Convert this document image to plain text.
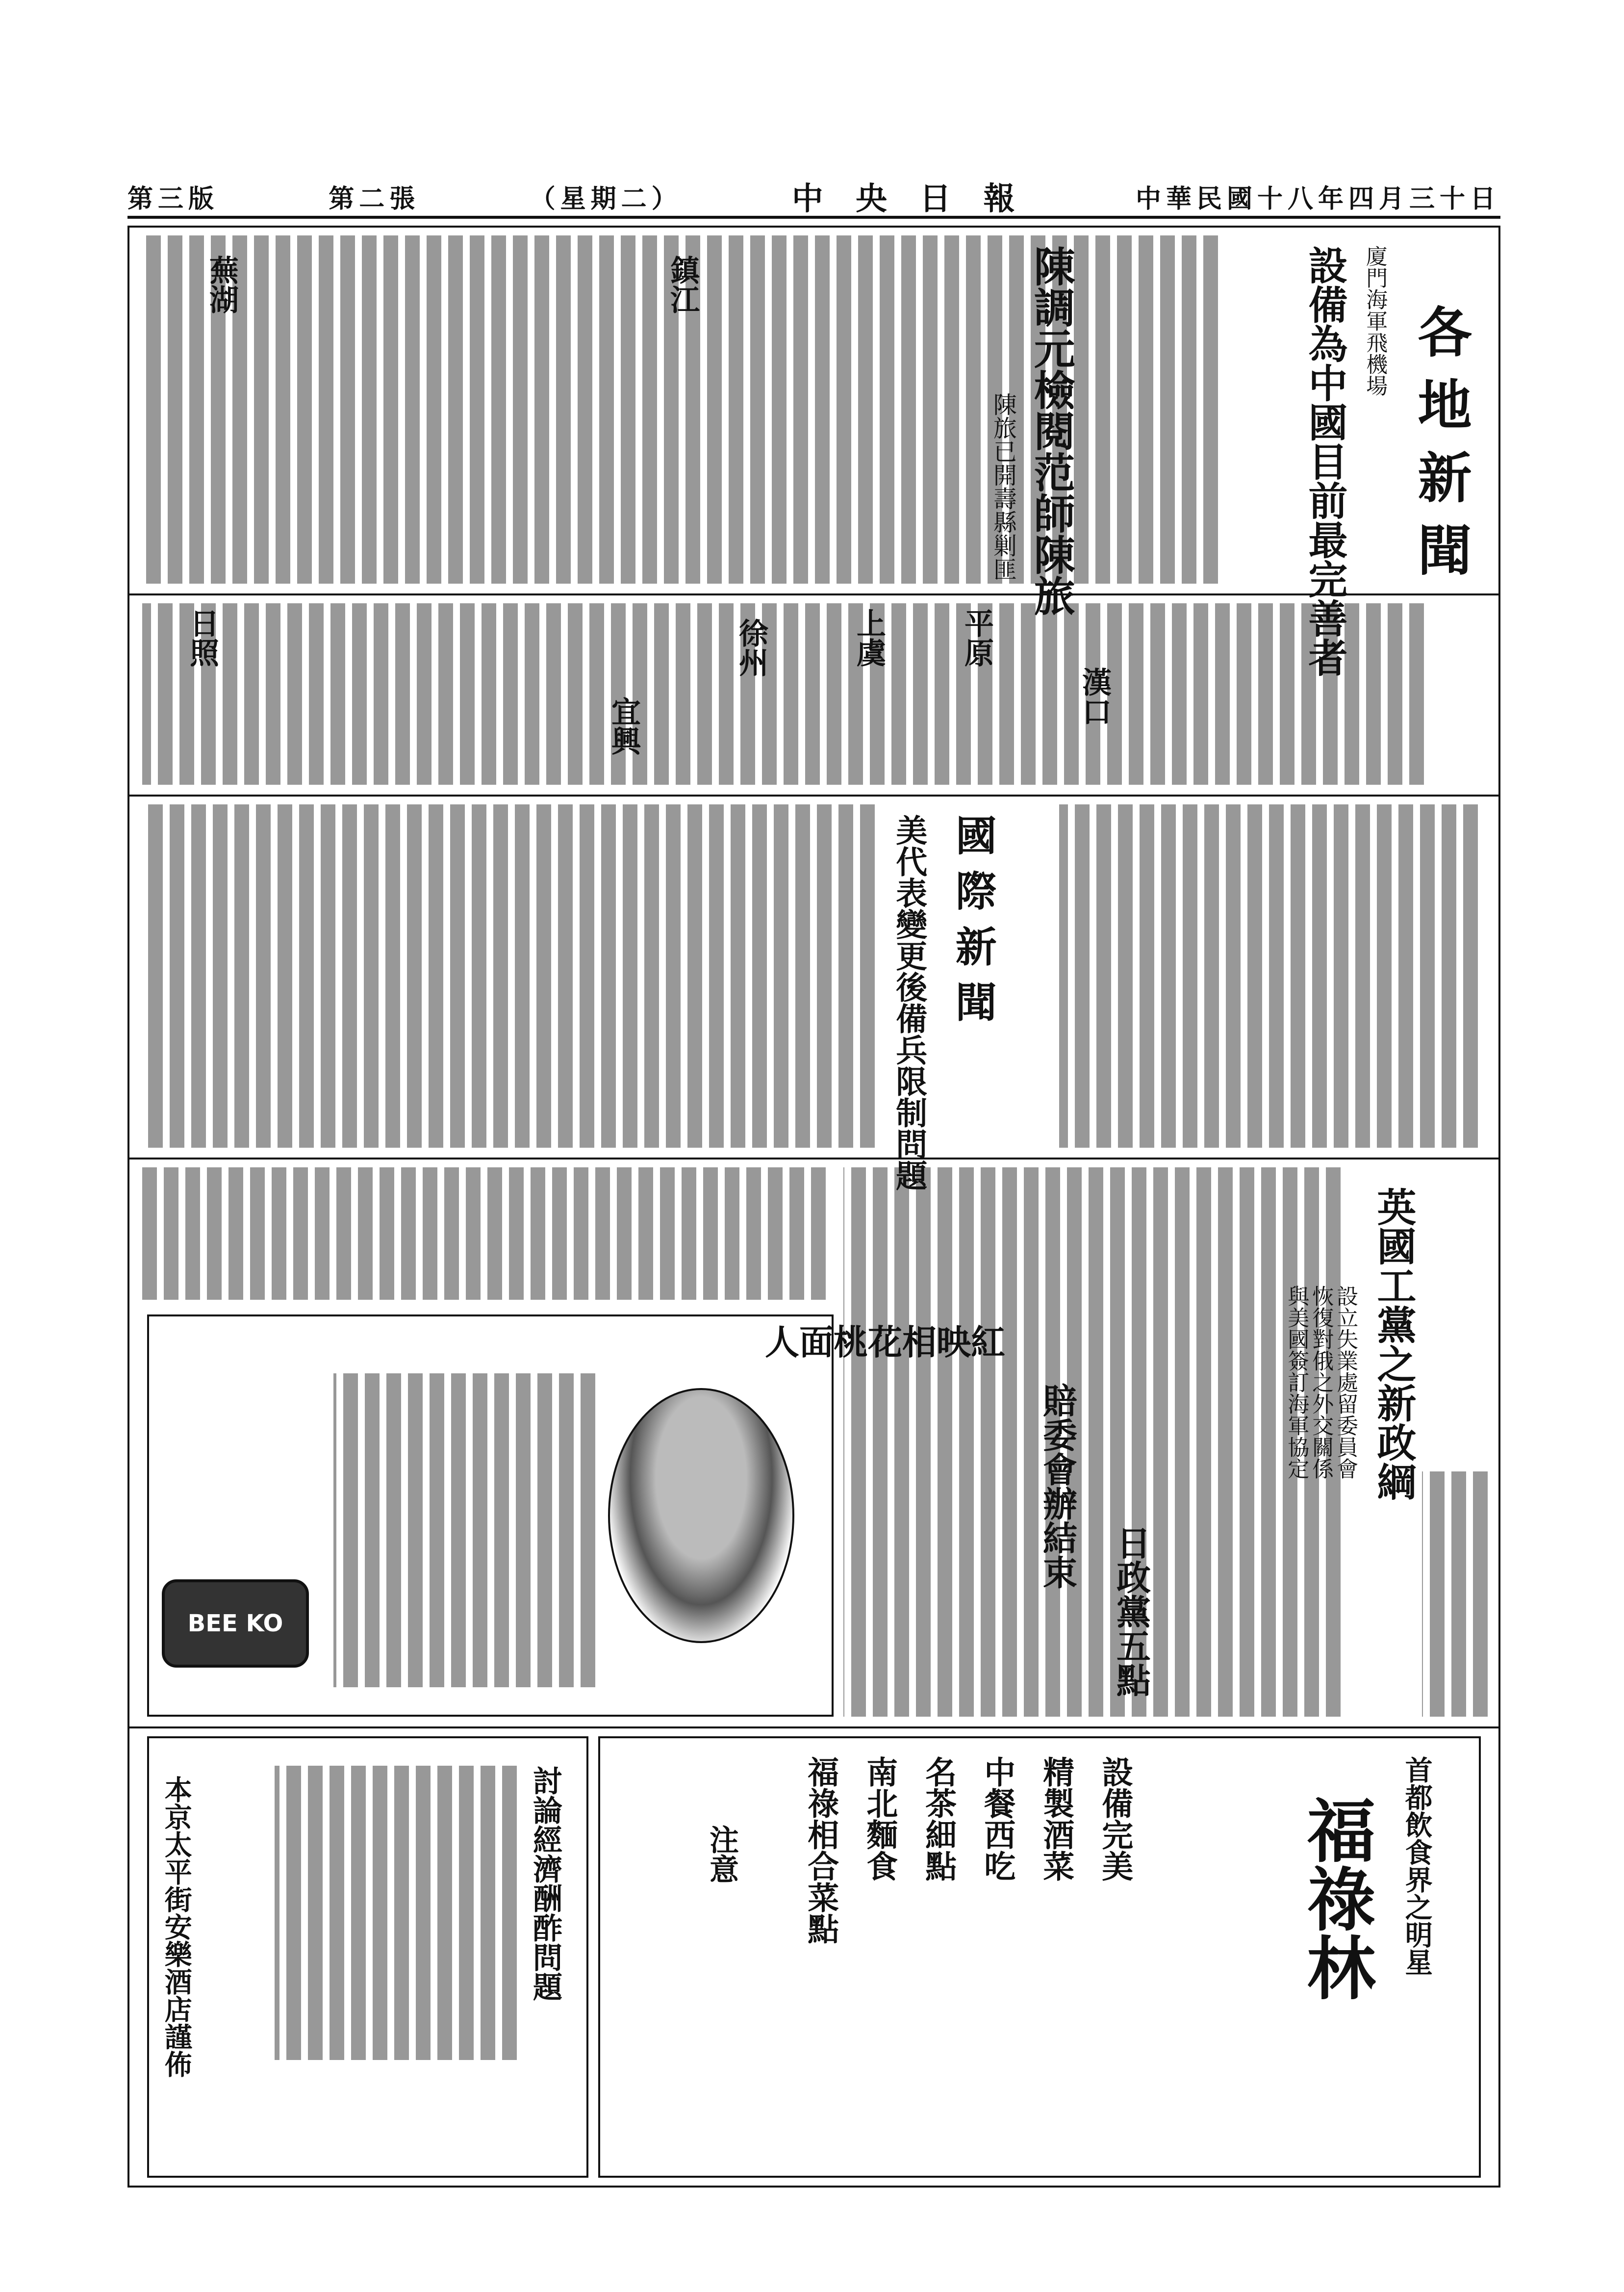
第三版	第二張	（星期二）	中 央 日 報	中華民國十八年四月三十日
各 地 新 聞
廈門海軍飛機場
設備為中國目前最完善者
陳調元檢閱范師陳旅
陳旅已開壽縣剿匪
國 際 新 聞
美代表變更後備兵限制問題
英國工黨之新政綱
設立失業處留委員會
恢復對俄之外交關係
與美國簽訂海軍協定
賠委會辦結束
日政黨五點
漢口
徐州	平原
上虞
宜興
日照
鎮江
蕪湖
人面桃花相映紅
BEE KO
首都飲食界之明星
福祿林
設備完美
精製酒菜
中餐西吃
名茶細點
南北麵食
福祿相合菜點
注意
討論經濟酬酢問題
本京太平街安樂酒店謹佈
